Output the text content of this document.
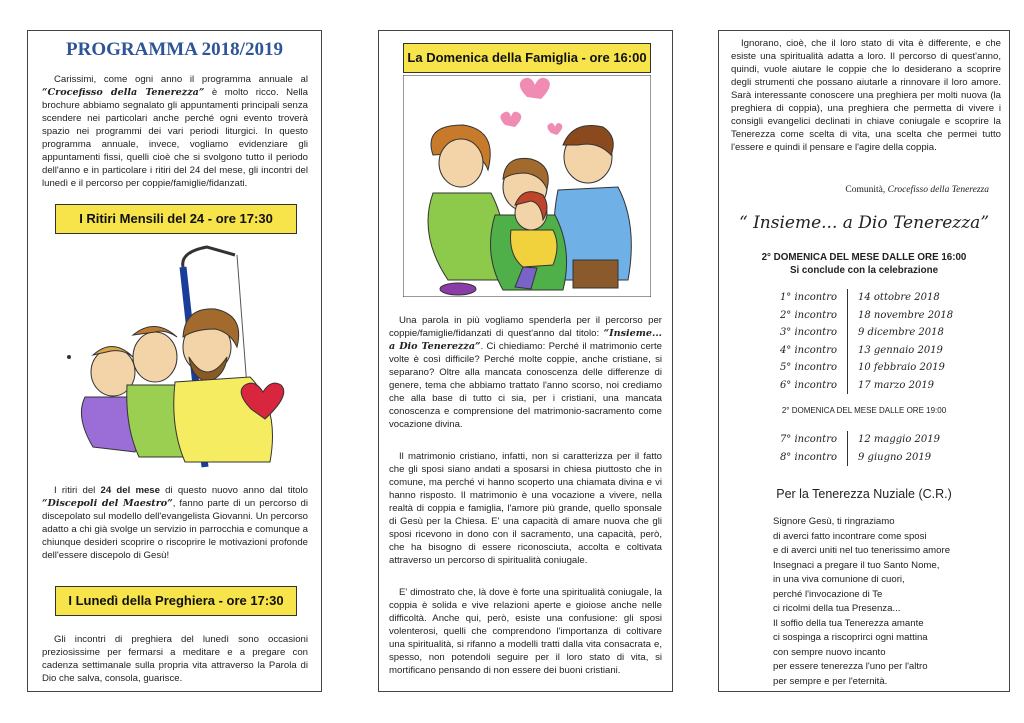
PROGRAMMA 2018/2019
Carissimi, come ogni anno il programma annuale al “Crocefisso della Tenerezza” è molto ricco. Nella brochure abbiamo segnalato gli appuntamenti principali senza scendere nei particolari anche perché ogni evento troverà spazio nei programmi dei vari periodi liturgici. In questo programma annuale, invece, vogliamo evidenziare gli appuntamenti fissi, quelli cioè che si svolgono tutto il periodo dell'anno e in particolare i ritiri del 24 del mese, gli incontri del lunedì e il percorso per coppie/famiglie/fidanzati.
I Ritiri Mensili del 24 - ore 17:30
I ritiri del 24 del mese di questo nuovo anno dal titolo “Discepoli del Maestro”, fanno parte di un percorso di discepolato sul modello dell'evangelista Giovanni. Un percorso adatto a chi già svolge un servizio in parrocchia e comunque a chiunque desideri scoprire o riscoprire le motivazioni profonde dell'essere discepolo di Gesù!
I Lunedì della Preghiera - ore 17:30
Gli incontri di preghiera del lunedì sono occasioni preziosissime per fermarsi a meditare e a pregare con cadenza settimanale sulla propria vita attraverso la Parola di Dio che salva, consola, guarisce.
La Domenica della Famiglia - ore 16:00
Una parola in più vogliamo spenderla per il percorso per coppie/famiglie/fidanzati di quest'anno dal titolo: “Insieme... a Dio Tenerezza”. Ci chiediamo: Perché il matrimonio certe volte è così difficile? Perché molte coppie, anche cristiane, si separano? Oltre alla mancata conoscenza delle differenze di genere, tema che abbiamo trattato l'anno scorso, noi crediamo che alla base di tutto ci sia, per i cristiani, una mancata conoscenza e comprensione del matrimonio-sacramento come vocazione divina.
Il matrimonio cristiano, infatti, non si caratterizza per il fatto che gli sposi siano andati a sposarsi in chiesa piuttosto che in comune, ma perché vi hanno scoperto una chiamata divina e vi hanno risposto. Il matrimonio è una vocazione a vivere, nella realtà di coppia e famiglia, l'amore più grande, quello sponsale di Gesù per la Chiesa. E' una capacità di amare nuova che gli sposi ricevono in dono con il sacramento, una capacità, però, che ha bisogno di essere riconosciuta, accolta e coltivata attraverso un percorso di spiritualità coniugale.
E' dimostrato che, là dove è forte una spiritualità coniugale, la coppia è solida e vive relazioni aperte e gioiose anche nelle difficoltà. Anche qui, però, esiste una confusione: gli sposi volenterosi, quelli che comprendono l'importanza di coltivare una spiritualità, si rifanno a modelli tratti dalla vita consacrata e, spesso, non potendoli seguire per il loro stato di vita, si mortificano pensando di non essere dei buoni cristiani.
Ignorano, cioè, che il loro stato di vita è differente, e che esiste una spiritualità adatta a loro. Il percorso di quest'anno, quindi, vuole aiutare le coppie che lo desiderano a scoprire degli strumenti che possano aiutarle a rinnovare il loro amore. Sarà interessante conoscere una preghiera per molti nuova (la preghiera di coppia), una preghiera che permetta di vivere i consigli evangelici declinati in chiave coniugale e scoprire la Tenerezza come scelta di vita, una scelta che permei tutto l'essere e quindi il pensare e l'agire della coppia.
Comunità, Crocefisso della Tenerezza
“ Insieme... a Dio Tenerezza”
2° DOMENICA DEL MESE DALLE ORE 16:00
Si conclude con la celebrazione
1° incontro	14 ottobre 2018
2° incontro	18 novembre 2018
3° incontro	9 dicembre 2018
4° incontro	13 gennaio 2019
5° incontro	10 febbraio 2019
6° incontro	17 marzo 2019
2° DOMENICA DEL MESE DALLE ORE 19:00
7° incontro	12 maggio 2019
8° incontro	9 giugno 2019
Per la Tenerezza Nuziale (C.R.)
Signore Gesù, ti ringraziamo
di averci fatto incontrare come sposi
e di averci uniti nel tuo tenerissimo amore
Insegnaci a pregare il tuo Santo Nome,
in una viva comunione di cuori,
perché l'invocazione di Te
ci ricolmi della tua Presenza...
Il soffio della tua Tenerezza amante
ci sospinga a riscoprirci ogni mattina
con sempre nuovo incanto
per essere tenerezza l'uno per l'altro
per sempre e per l'eternità.
